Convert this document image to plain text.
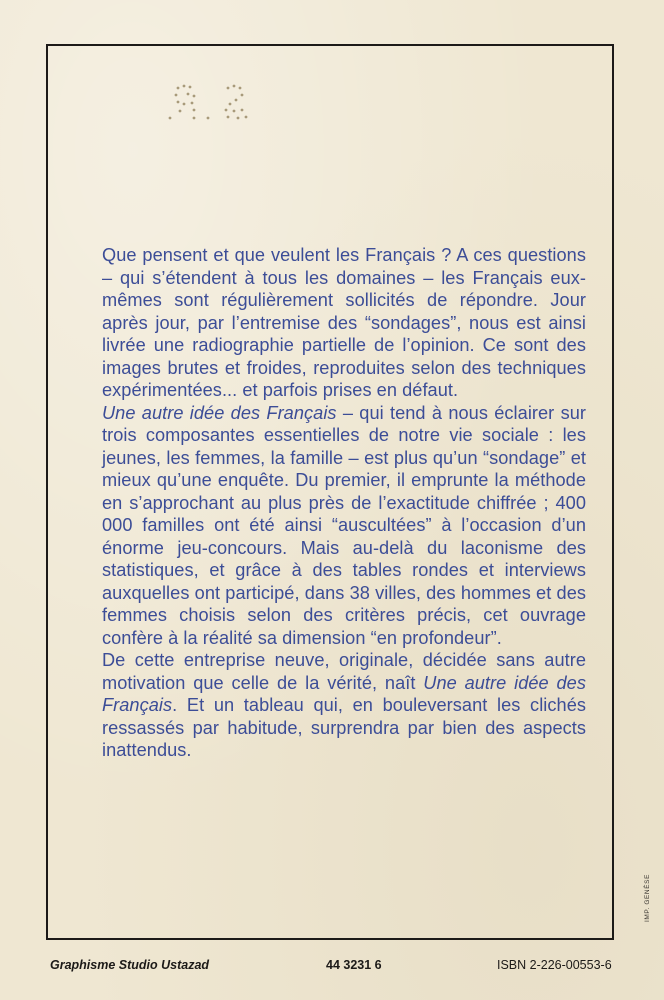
Que pensent et que veulent les Français ? A ces questions – qui s’étendent à tous les domaines – les Français eux-mêmes sont régulièrement sollicités de répondre. Jour après jour, par l’entremise des “sondages”, nous est ainsi livrée une radiographie partielle de l’opinion. Ce sont des images brutes et froides, reproduites selon des techniques expérimentées... et parfois prises en défaut.

Une autre idée des Français – qui tend à nous éclairer sur trois composantes essentielles de notre vie sociale : les jeunes, les femmes, la famille – est plus qu’un “sondage” et mieux qu’une enquête. Du premier, il emprunte la méthode en s’approchant au plus près de l’exactitude chiffrée ; 400 000 familles ont été ainsi “auscultées” à l’occasion d’un énorme jeu-concours. Mais au-delà du laconisme des statistiques, et grâce à des tables rondes et interviews auxquelles ont participé, dans 38 villes, des hommes et des femmes choisis selon des critères précis, cet ouvrage confère à la réalité sa dimension “en profondeur”.

De cette entreprise neuve, originale, décidée sans autre motivation que celle de la vérité, naît Une autre idée des Français. Et un tableau qui, en bouleversant les clichés ressassés par habitude, surprendra par bien des aspects inattendus.

Graphisme Studio Ustazad	44 3231 6	ISBN 2-226-00553-6
IMP. GENÈSE
